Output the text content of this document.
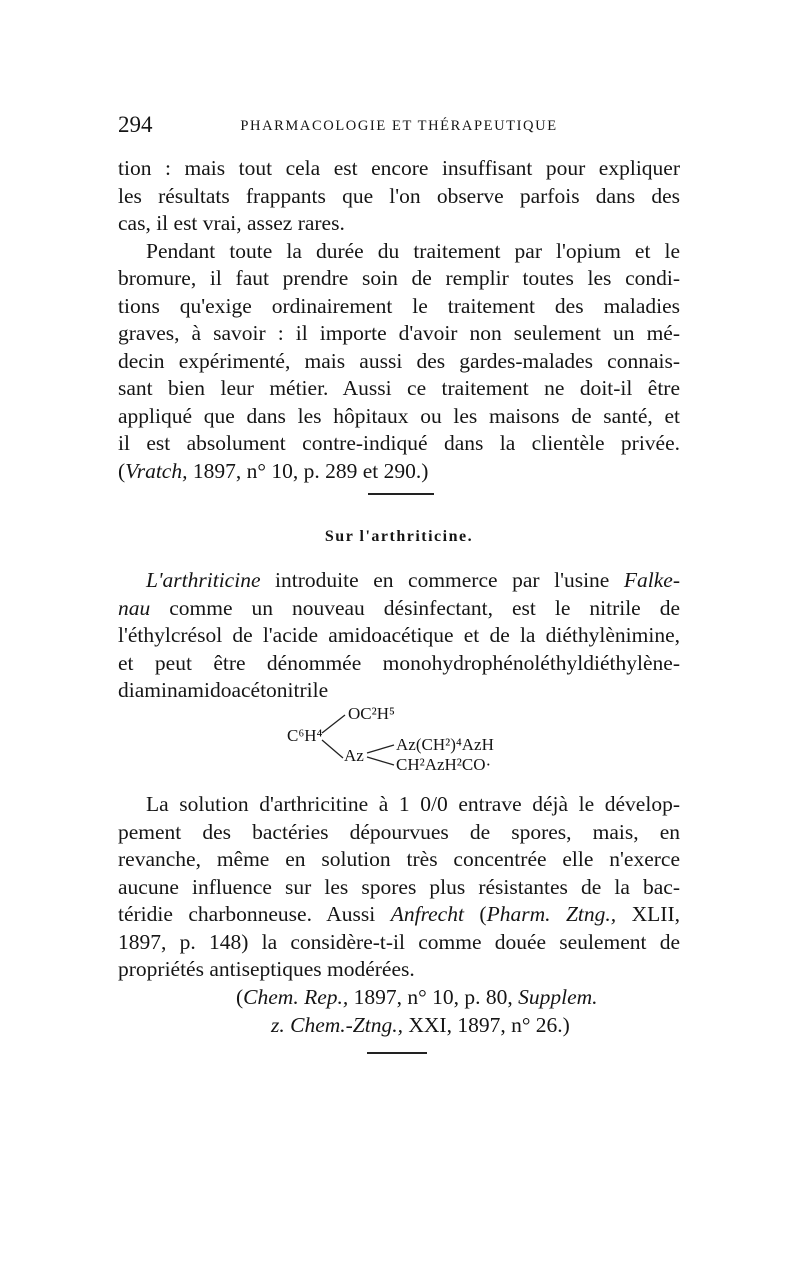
294	PHARMACOLOGIE ET THÉRAPEUTIQUE
tion : mais tout cela est encore insuffisant pour expliquer
les résultats frappants que l'on observe parfois dans des
cas, il est vrai, assez rares.
Pendant toute la durée du traitement par l'opium et le
bromure, il faut prendre soin de remplir toutes les condi-
tions qu'exige ordinairement le traitement des maladies
graves, à savoir : il importe d'avoir non seulement un mé-
decin expérimenté, mais aussi des gardes-malades connais-
sant bien leur métier. Aussi ce traitement ne doit-il être
appliqué que dans les hôpitaux ou les maisons de santé, et
il est absolument contre-indiqué dans la clientèle privée.
(Vratch, 1897, n° 10, p. 289 et 290.)
Sur l'arthriticine.
L'arthriticine introduite en commerce par l'usine Falke-
nau comme un nouveau désinfectant, est le nitrile de
l'éthylcrésol de l'acide amidoacétique et de la diéthylènimine,
et peut être dénommée monohydrophénoléthyldiéthylène-
diaminamidoacétonitrile
C⁶H⁴
OC²H⁵
Az
Az(CH²)⁴AzH
CH²AzH²CO·
La solution d'arthricitine à 1 0/0 entrave déjà le dévelop-
pement des bactéries dépourvues de spores, mais, en
revanche, même en solution très concentrée elle n'exerce
aucune influence sur les spores plus résistantes de la bac-
téridie charbonneuse. Aussi Anfrecht (Pharm. Ztng., XLII,
1897, p. 148) la considère-t-il comme douée seulement de
propriétés antiseptiques modérées.
(Chem. Rep., 1897, n° 10, p. 80, Supplem.
z. Chem.-Ztng., XXI, 1897, n° 26.)
